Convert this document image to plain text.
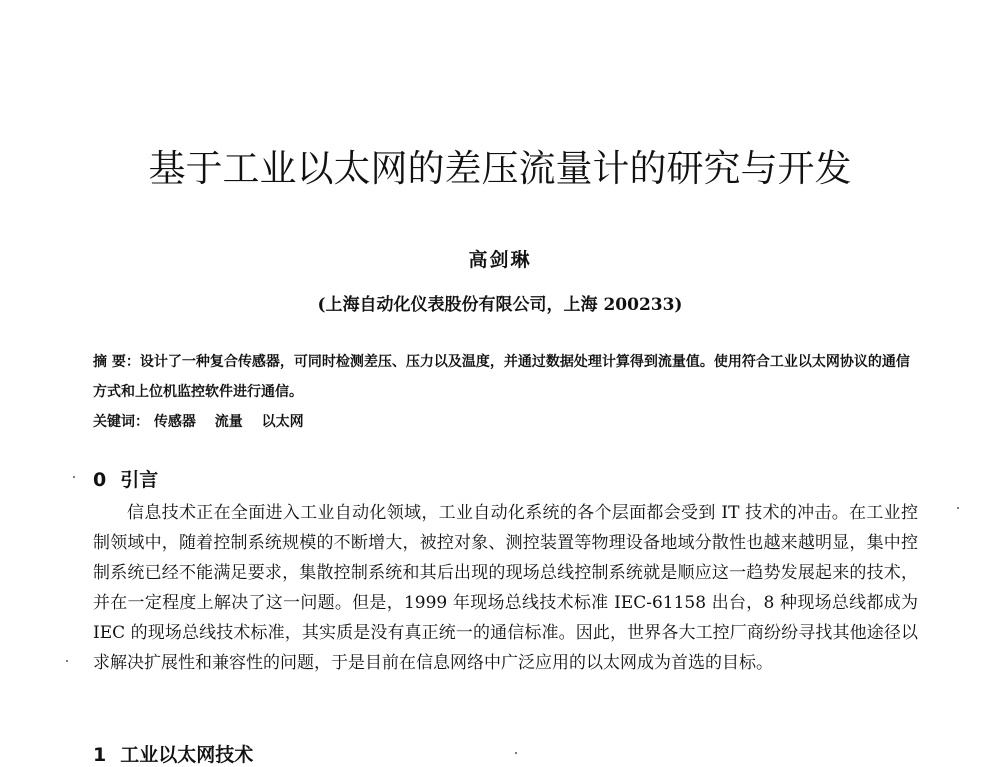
基于工业以太网的差压流量计的研究与开发
高剑琳
(上海自动化仪表股份有限公司，上海 200233)
摘 要：设计了一种复合传感器，可同时检测差压、压力以及温度，并通过数据处理计算得到流量值。使用符合工业以太网协议的通信方式和上位机监控软件进行通信。
关键词： 传感器 流量 以太网
0 引言

信息技术正在全面进入工业自动化领域，工业自动化系统的各个层面都会受到 IT 技术的冲击。在工业控制领域中，随着控制系统规模的不断增大，被控对象、测控装置等物理设备地域分散性也越来越明显，集中控制系统已经不能满足要求，集散控制系统和其后出现的现场总线控制系统就是顺应这一趋势发展起来的技术，并在一定程度上解决了这一问题。但是，1999 年现场总线技术标准 IEC-61158 出台，8 种现场总线都成为 IEC 的现场总线技术标准，其实质是没有真正统一的通信标准。因此，世界各大工控厂商纷纷寻找其他途径以求解决扩展性和兼容性的问题，于是目前在信息网络中广泛应用的以太网成为首选的目标。

1 工业以太网技术
